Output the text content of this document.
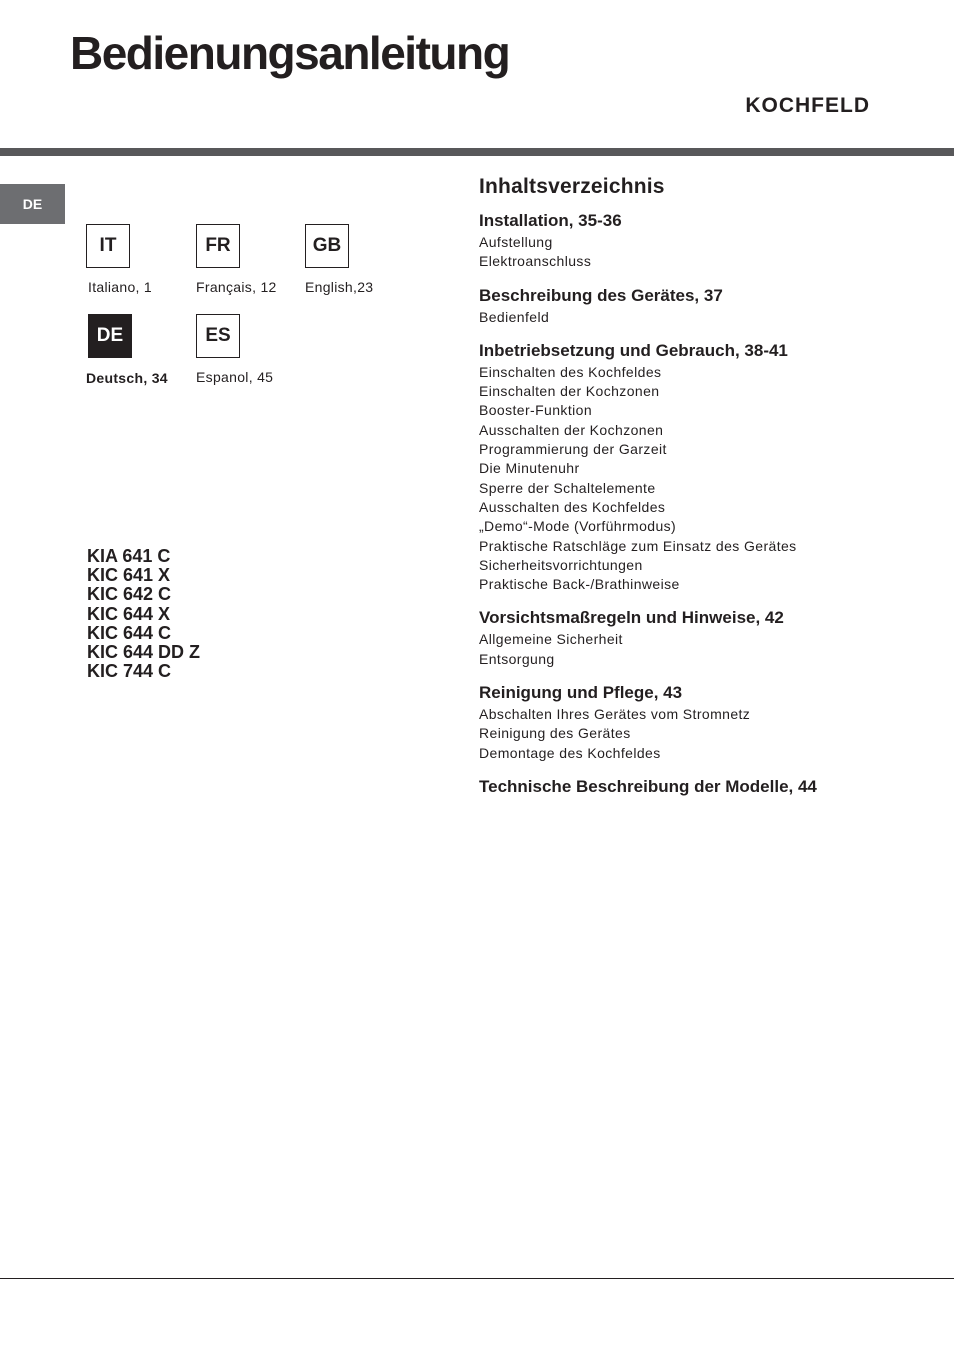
Bedienungsanleitung
KOCHFELD
DE
IT
Italiano, 1
FR
Français, 12
GB
English,23
DE
Deutsch, 34
ES
Espanol, 45
KIA 641 C
KIC 641 X
KIC 642 C
KIC 644 X
KIC 644 C
KIC 644 DD Z
KIC 744 C
Inhaltsverzeichnis
Installation, 35-36
Aufstellung
Elektroanschluss
Beschreibung des Gerätes, 37
Bedienfeld
Inbetriebsetzung und Gebrauch, 38-41
Einschalten des Kochfeldes
Einschalten der Kochzonen
Booster-Funktion
Ausschalten der Kochzonen
Programmierung der Garzeit
Die Minutenuhr
Sperre der Schaltelemente
Ausschalten des Kochfeldes
„Demo“-Mode (Vorführmodus)
Praktische Ratschläge zum Einsatz des Gerätes
Sicherheitsvorrichtungen
Praktische Back-/Brathinweise
Vorsichtsmaßregeln und Hinweise, 42
Allgemeine Sicherheit
Entsorgung
Reinigung und Pflege, 43
Abschalten Ihres Gerätes vom Stromnetz
Reinigung des Gerätes
Demontage des Kochfeldes
Technische Beschreibung der Modelle, 44
